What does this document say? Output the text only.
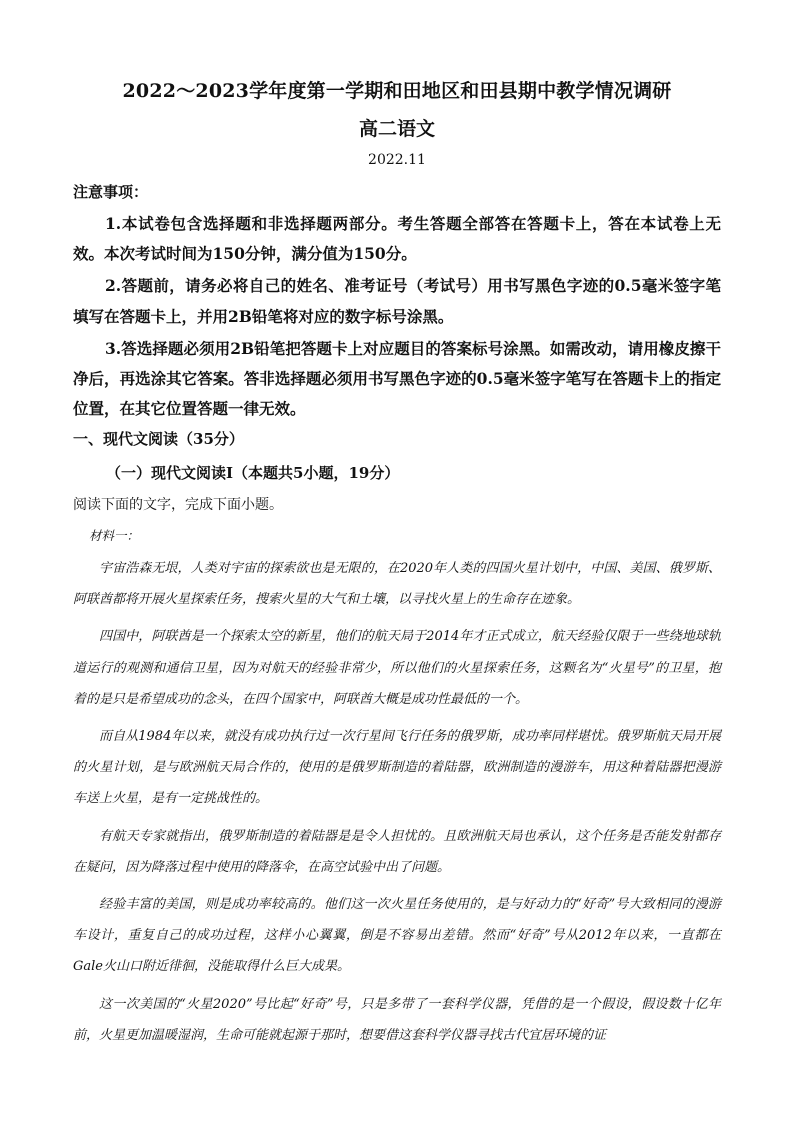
2022～2023学年度第一学期和田地区和田县期中教学情况调研
高二语文
2022.11
注意事项：

1.本试卷包含选择题和非选择题两部分。考生答题全部答在答题卡上，答在本试卷上无效。本次考试时间为150分钟，满分值为150分。

2.答题前，请务必将自己的姓名、准考证号（考试号）用书写黑色字迹的0.5毫米签字笔填写在答题卡上，并用2B铅笔将对应的数字标号涂黑。

3.答选择题必须用2B铅笔把答题卡上对应题目的答案标号涂黑。如需改动，请用橡皮擦干净后，再选涂其它答案。答非选择题必须用书写黑色字迹的0.5毫米签字笔写在答题卡上的指定位置，在其它位置答题一律无效。

一、现代文阅读（35分）
（一）现代文阅读Ⅰ（本题共5小题，19分）
阅读下面的文字，完成下面小题。
材料一：

宇宙浩森无垠，人类对宇宙的探索欲也是无限的，在2020年人类的四国火星计划中，中国、美国、俄罗斯、阿联酋都将开展火星探索任务，搜索火星的大气和土壤，以寻找火星上的生命存在迹象。

四国中，阿联酋是一个探索太空的新星，他们的航天局于2014年才正式成立，航天经验仅限于一些绕地球轨道运行的观测和通信卫星，因为对航天的经验非常少，所以他们的火星探索任务，这颗名为“火星号”的卫星，抱着的是只是希望成功的念头，在四个国家中，阿联酋大概是成功性最低的一个。

而自从1984年以来，就没有成功执行过一次行星间飞行任务的俄罗斯，成功率同样堪忧。俄罗斯航天局开展的火星计划，是与欧洲航天局合作的，使用的是俄罗斯制造的着陆器，欧洲制造的漫游车，用这种着陆器把漫游车送上火星，是有一定挑战性的。

有航天专家就指出，俄罗斯制造的着陆器是是令人担忧的。且欧洲航天局也承认，这个任务是否能发射都存在疑问，因为降落过程中使用的降落伞，在高空试验中出了问题。

经验丰富的美国，则是成功率较高的。他们这一次火星任务使用的，是与好动力的“好奇”号大致相同的漫游车设计，重复自己的成功过程，这样小心翼翼，倒是不容易出差错。然而“好奇”号从2012年以来，一直都在Gale火山口附近徘徊，没能取得什么巨大成果。

这一次美国的“火星2020”号比起“好奇”号，只是多带了一套科学仪器，凭借的是一个假设，假设数十亿年前，火星更加温暖湿润，生命可能就起源于那时，想要借这套科学仪器寻找古代宜居环境的证
